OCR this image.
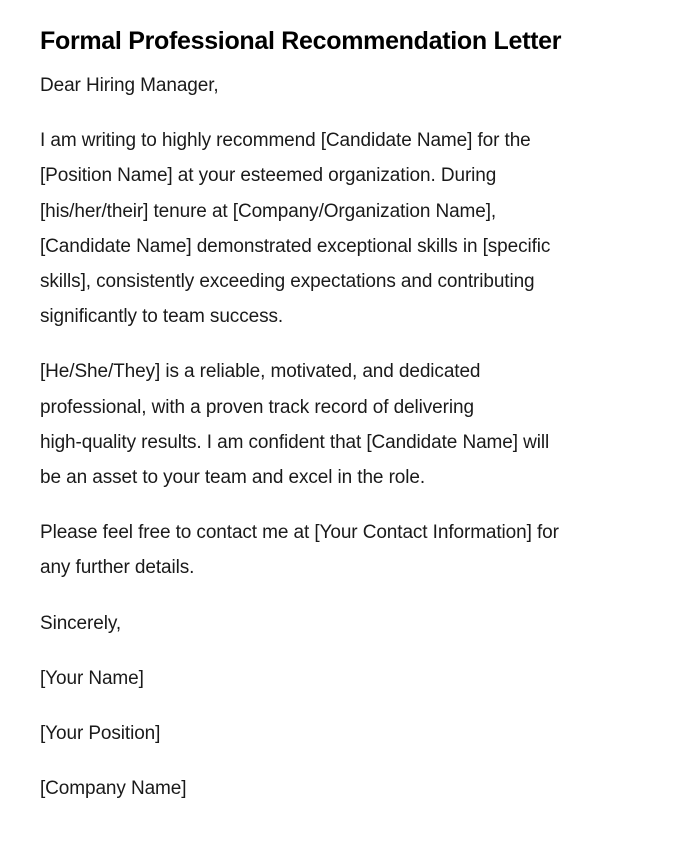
Formal Professional Recommendation Letter

Dear Hiring Manager,

I am writing to highly recommend [Candidate Name] for the
[Position Name] at your esteemed organization. During
[his/her/their] tenure at [Company/Organization Name],
[Candidate Name] demonstrated exceptional skills in [specific
skills], consistently exceeding expectations and contributing
significantly to team success.

[He/She/They] is a reliable, motivated, and dedicated
professional, with a proven track record of delivering
high-quality results. I am confident that [Candidate Name] will
be an asset to your team and excel in the role.

Please feel free to contact me at [Your Contact Information] for
any further details.

Sincerely,

[Your Name]

[Your Position]

[Company Name]
